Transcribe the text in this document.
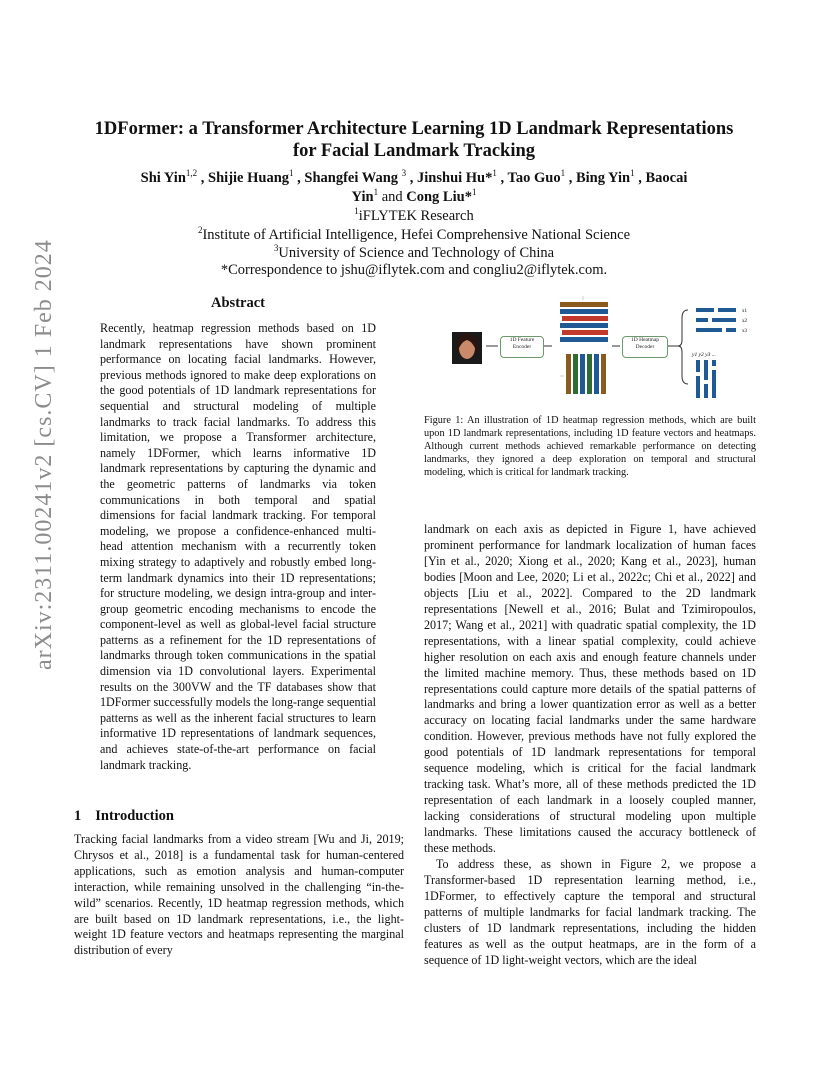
arXiv:2311.00241v2 [cs.CV] 1 Feb 2024
1DFormer: a Transformer Architecture Learning 1D Landmark Representations
for Facial Landmark Tracking
Shi Yin$^{1,2}$ , Shijie Huang$^1$ , Shangfei Wang $^3$ , Jinshui Hu*$^1$ , Tao Guo$^1$ , Bing Yin$^1$ , Baocai
Yin$^1$ and Cong Liu*$^1$
$^1$iFLYTEK Research
$^2$Institute of Artificial Intelligence, Hefei Comprehensive National Science
$^3$University of Science and Technology of China
*Correspondence to jshu@iflytek.com and congliu2@iflytek.com.
Abstract
Recently, heatmap regression methods based on 1D landmark representations have shown prominent performance on locating facial landmarks. However, previous methods ignored to make deep explorations on the good potentials of 1D landmark representations for sequential and structural modeling of multiple landmarks to track facial landmarks. To address this limitation, we propose a Transformer architecture, namely 1DFormer, which learns informative 1D landmark representations by capturing the dynamic and the geometric patterns of landmarks via token communications in both temporal and spatial dimensions for facial landmark tracking. For temporal modeling, we propose a confidence-enhanced multi-head attention mechanism with a recurrently token mixing strategy to adaptively and robustly embed long-term landmark dynamics into their 1D representations; for structure modeling, we design intra-group and inter-group geometric encoding mechanisms to encode the component-level as well as global-level facial structure patterns as a refinement for the 1D representations of landmarks through token communications in the spatial dimension via 1D convolutional layers. Experimental results on the 300VW and the TF databases show that 1DFormer successfully models the long-range sequential patterns as well as the inherent facial structures to learn informative 1D representations of landmark sequences, and achieves state-of-the-art performance on facial landmark tracking.
1 Introduction
Tracking facial landmarks from a video stream [Wu and Ji, 2019; Chrysos et al., 2018] is a fundamental task for human-centered applications, such as emotion analysis and human-computer interaction, while remaining unsolved in the challenging “in-the-wild” scenarios. Recently, 1D heatmap regression methods, which are built based on 1D landmark representations, i.e., the light-weight 1D feature vectors and heatmaps representing the marginal distribution of every
x1
x2
x3
y1 y2 y3 ...
1D Feature
Encoder
1D Heatmap
Decoder
Figure 1: An illustration of 1D heatmap regression methods, which are built upon 1D landmark representations, including 1D feature vectors and heatmaps. Although current methods achieved remarkable performance on detecting landmarks, they ignored a deep exploration on temporal and structural modeling, which is critical for landmark tracking.

landmark on each axis as depicted in Figure 1, have achieved prominent performance for landmark localization of human faces [Yin et al., 2020; Xiong et al., 2020; Kang et al., 2023], human bodies [Moon and Lee, 2020; Li et al., 2022c; Chi et al., 2022] and objects [Liu et al., 2022]. Compared to the 2D landmark representations [Newell et al., 2016; Bulat and Tzimiropoulos, 2017; Wang et al., 2021] with quadratic spatial complexity, the 1D representations, with a linear spatial complexity, could achieve higher resolution on each axis and enough feature channels under the limited machine memory. Thus, these methods based on 1D representations could capture more details of the spatial patterns of landmarks and bring a lower quantization error as well as a better accuracy on locating facial landmarks under the same hardware condition. However, previous methods have not fully explored the good potentials of 1D landmark representations for temporal sequence modeling, which is critical for the facial landmark tracking task. What’s more, all of these methods predicted the 1D representation of each landmark in a loosely coupled manner, lacking considerations of structural modeling upon multiple landmarks. These limitations caused the accuracy bottleneck of these methods.

To address these, as shown in Figure 2, we propose a Transformer-based 1D representation learning method, i.e., 1DFormer, to effectively capture the temporal and structural patterns of multiple landmarks for facial landmark tracking. The clusters of 1D landmark representations, including the hidden features as well as the output heatmaps, are in the form of a sequence of 1D light-weight vectors, which are the ideal
